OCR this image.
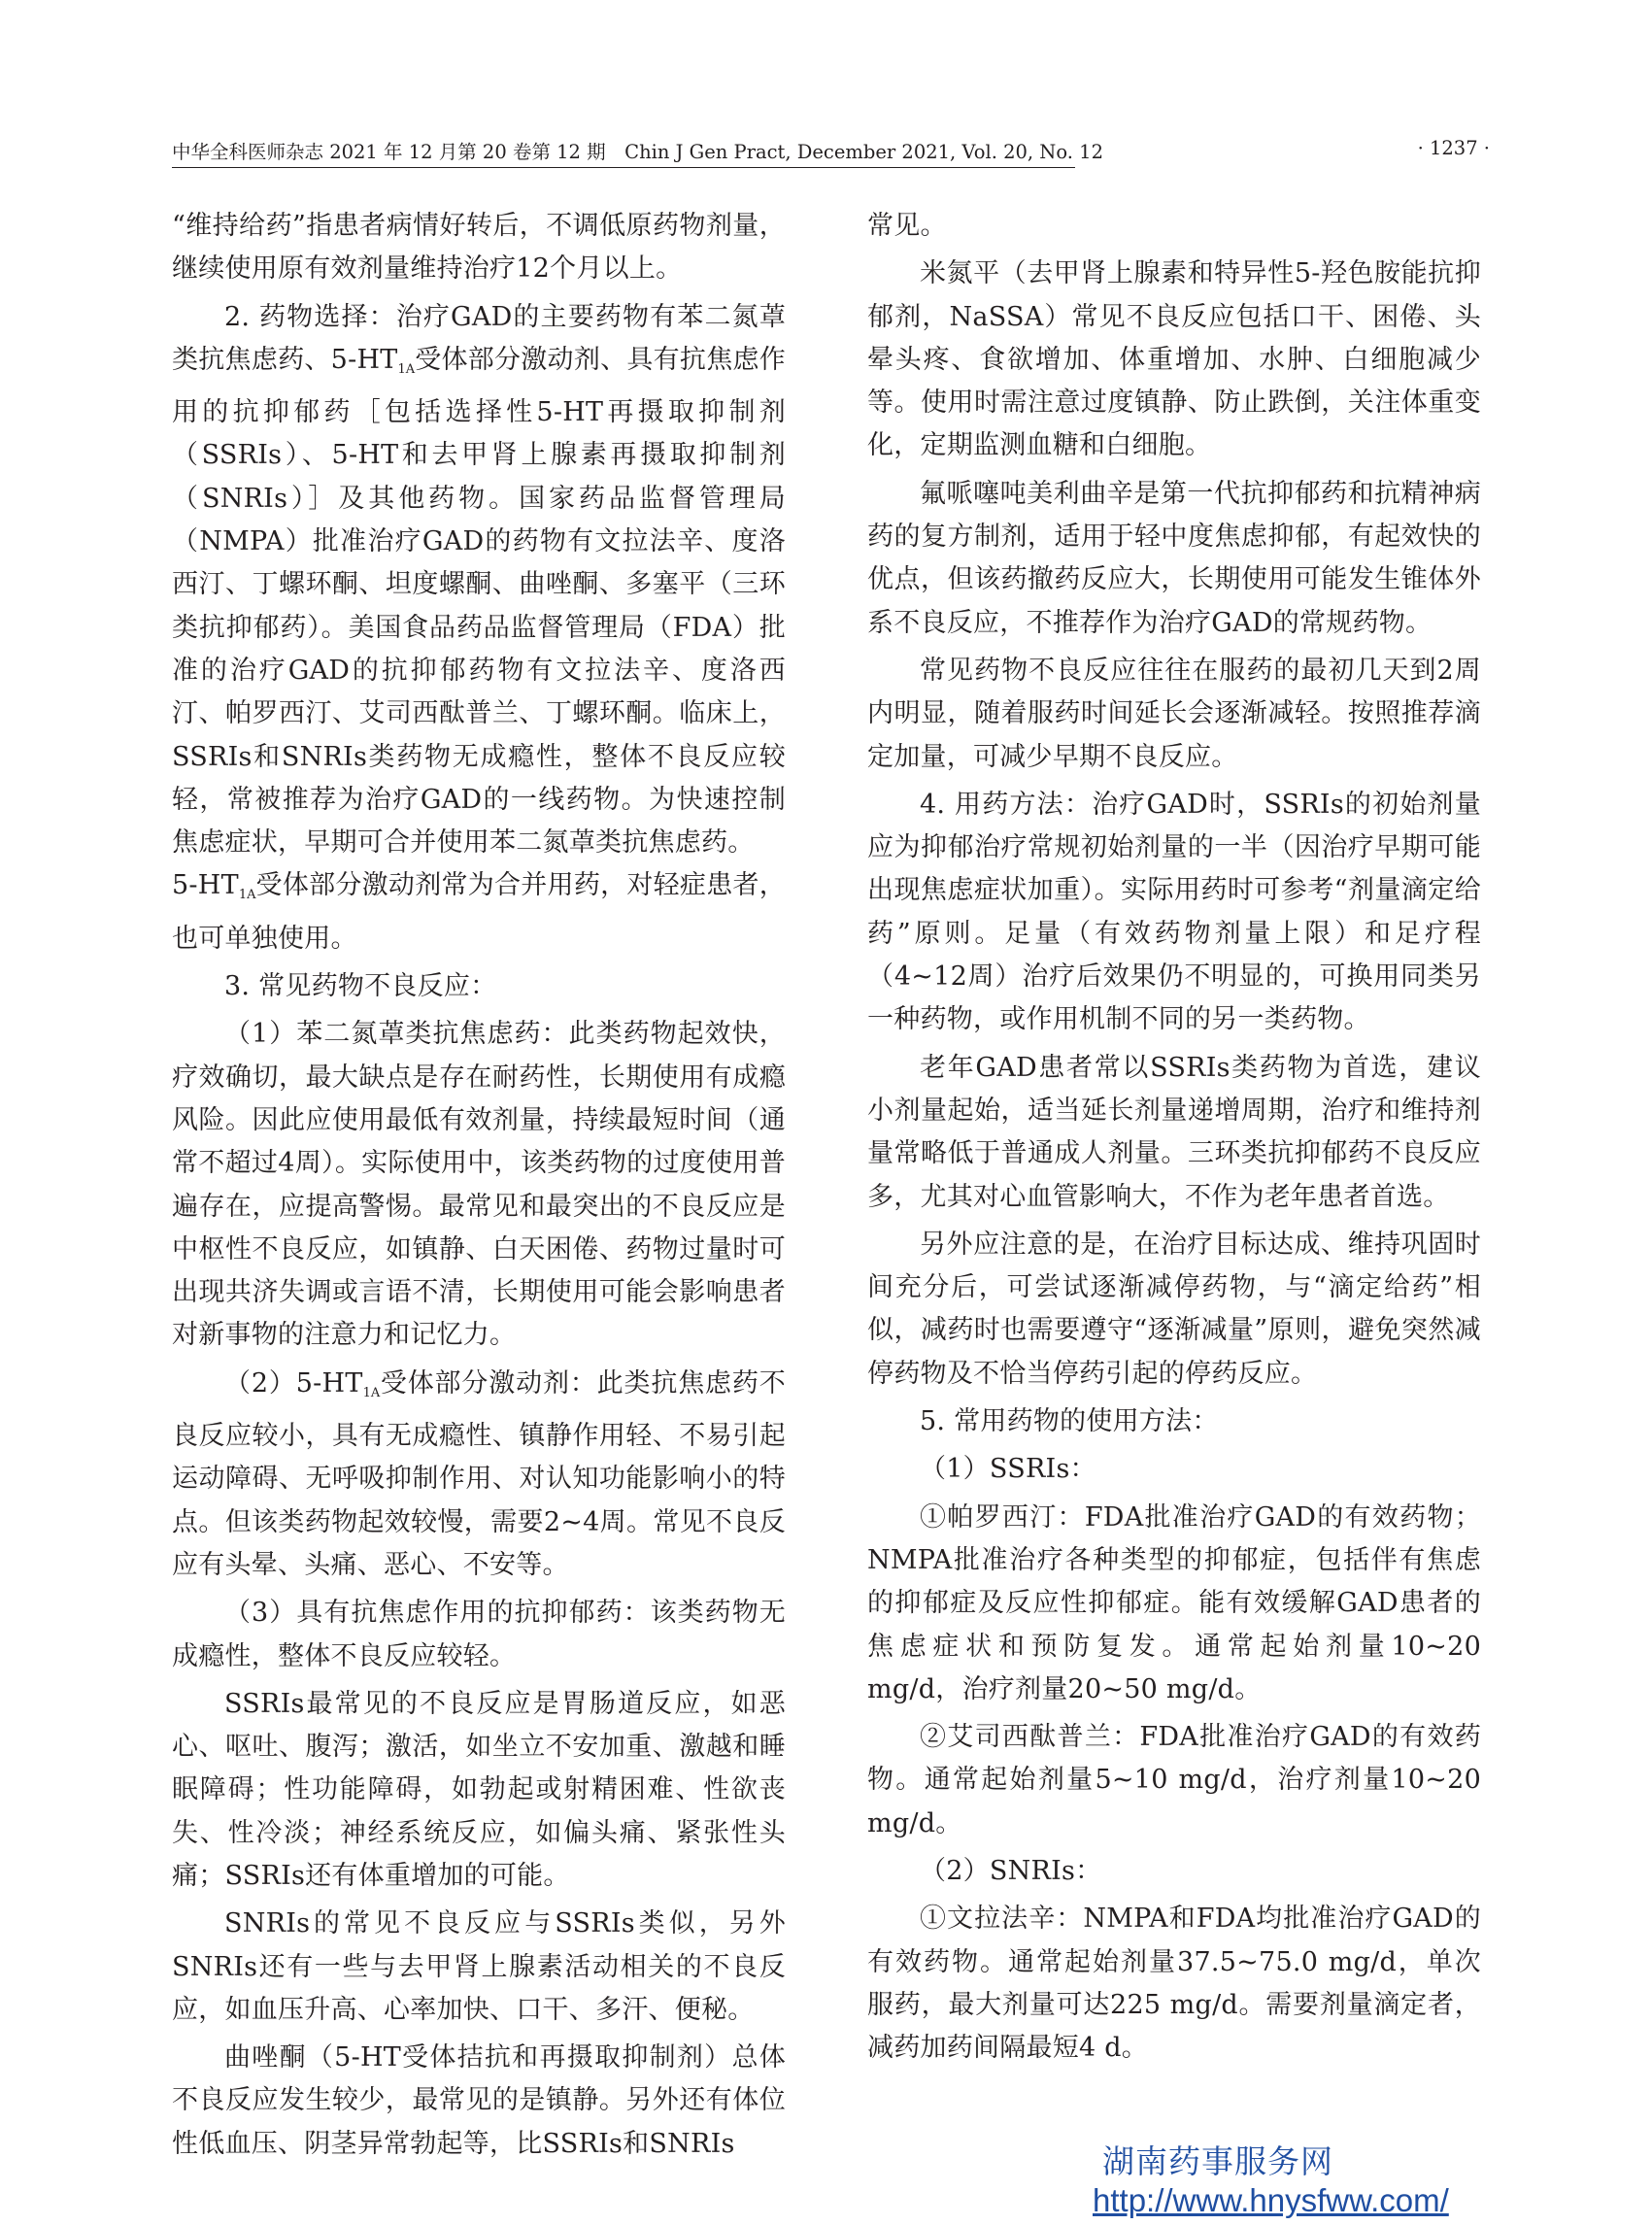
中华全科医师杂志 2021 年 12 月第 20 卷第 12 期　Chin J Gen Pract, December 2021, Vol. 20, No. 12	· 1237 ·

“维持给药”指患者病情好转后，不调低原药物剂量，继续使用原有效剂量维持治疗12个月以上。

2. 药物选择：治疗GAD的主要药物有苯二氮䓬类抗焦虑药、$5-HT_{1A}$受体部分激动剂、具有抗焦虑作用的抗抑郁药［包括选择性5-HT再摄取抑制剂（SSRIs）、5-HT和去甲肾上腺素再摄取抑制剂（SNRIs）］及其他药物。国家药品监督管理局（NMPA）批准治疗GAD的药物有文拉法辛、度洛西汀、丁螺环酮、坦度螺酮、曲唑酮、多塞平（三环类抗抑郁药）。美国食品药品监督管理局（FDA）批准的治疗GAD的抗抑郁药物有文拉法辛、度洛西汀、帕罗西汀、艾司西酞普兰、丁螺环酮。临床上，SSRIs和SNRIs类药物无成瘾性，整体不良反应较轻，常被推荐为治疗GAD的一线药物。为快速控制焦虑症状，早期可合并使用苯二氮䓬类抗焦虑药。
$5-HT_{1A}$受体部分激动剂常为合并用药，对轻症患者，也可单独使用。

3. 常见药物不良反应：

（1）苯二氮䓬类抗焦虑药：此类药物起效快，疗效确切，最大缺点是存在耐药性，长期使用有成瘾风险。因此应使用最低有效剂量，持续最短时间（通常不超过4周）。实际使用中，该类药物的过度使用普遍存在，应提高警惕。最常见和最突出的不良反应是中枢性不良反应，如镇静、白天困倦、药物过量时可出现共济失调或言语不清，长期使用可能会影响患者对新事物的注意力和记忆力。

$(2)5-HT_{1A}$受体部分激动剂：此类抗焦虑药不良反应较小，具有无成瘾性、镇静作用轻、不易引起运动障碍、无呼吸抑制作用、对认知功能影响小的特点。但该类药物起效较慢，需要2~4周。常见不良反应有头晕、头痛、恶心、不安等。

（3）具有抗焦虑作用的抗抑郁药：该类药物无成瘾性，整体不良反应较轻。

SSRIs最常见的不良反应是胃肠道反应，如恶心、呕吐、腹泻；激活，如坐立不安加重、激越和睡眠障碍；性功能障碍，如勃起或射精困难、性欲丧失、性冷淡；神经系统反应，如偏头痛、紧张性头痛；SSRIs还有体重增加的可能。

SNRIs的常见不良反应与SSRIs类似，另外SNRIs还有一些与去甲肾上腺素活动相关的不良反应，如血压升高、心率加快、口干、多汗、便秘。

曲唑酮（5-HT受体拮抗和再摄取抑制剂）总体不良反应发生较少，最常见的是镇静。另外还有体位性低血压、阴茎异常勃起等，比SSRIs和SNRIs

常见。

米氮平（去甲肾上腺素和特异性5-羟色胺能抗抑郁剂，NaSSA）常见不良反应包括口干、困倦、头晕头疼、食欲增加、体重增加、水肿、白细胞减少等。使用时需注意过度镇静、防止跌倒，关注体重变化，定期监测血糖和白细胞。

氟哌噻吨美利曲辛是第一代抗抑郁药和抗精神病药的复方制剂，适用于轻中度焦虑抑郁，有起效快的优点，但该药撤药反应大，长期使用可能发生锥体外系不良反应，不推荐作为治疗GAD的常规药物。

常见药物不良反应往往在服药的最初几天到2周内明显，随着服药时间延长会逐渐减轻。按照推荐滴定加量，可减少早期不良反应。

4. 用药方法：治疗GAD时，SSRIs的初始剂量应为抑郁治疗常规初始剂量的一半（因治疗早期可能出现焦虑症状加重）。实际用药时可参考“剂量滴定给药”原则。足量（有效药物剂量上限）和足疗程（4~12周）治疗后效果仍不明显的，可换用同类另一种药物，或作用机制不同的另一类药物。

老年GAD患者常以SSRIs类药物为首选，建议小剂量起始，适当延长剂量递增周期，治疗和维持剂量常略低于普通成人剂量。三环类抗抑郁药不良反应多，尤其对心血管影响大，不作为老年患者首选。

另外应注意的是，在治疗目标达成、维持巩固时间充分后，可尝试逐渐减停药物，与“滴定给药”相似，减药时也需要遵守“逐渐减量”原则，避免突然减停药物及不恰当停药引起的停药反应。

5. 常用药物的使用方法：

（1）SSRIs：

①帕罗西汀：FDA批准治疗GAD的有效药物；NMPA批准治疗各种类型的抑郁症，包括伴有焦虑的抑郁症及反应性抑郁症。能有效缓解GAD患者的焦虑症状和预防复发。通常起始剂量10~20 mg/d，治疗剂量20~50 mg/d。

②艾司西酞普兰：FDA批准治疗GAD的有效药物。通常起始剂量5~10 mg/d，治疗剂量10~20 mg/d。

（2）SNRIs：

①文拉法辛：NMPA和FDA均批准治疗GAD的有效药物。通常起始剂量37.5~75.0 mg/d，单次服药，最大剂量可达225 mg/d。需要剂量滴定者，减药加药间隔最短4 d。

湖南药事服务网
http://www.hnysfww.com/
